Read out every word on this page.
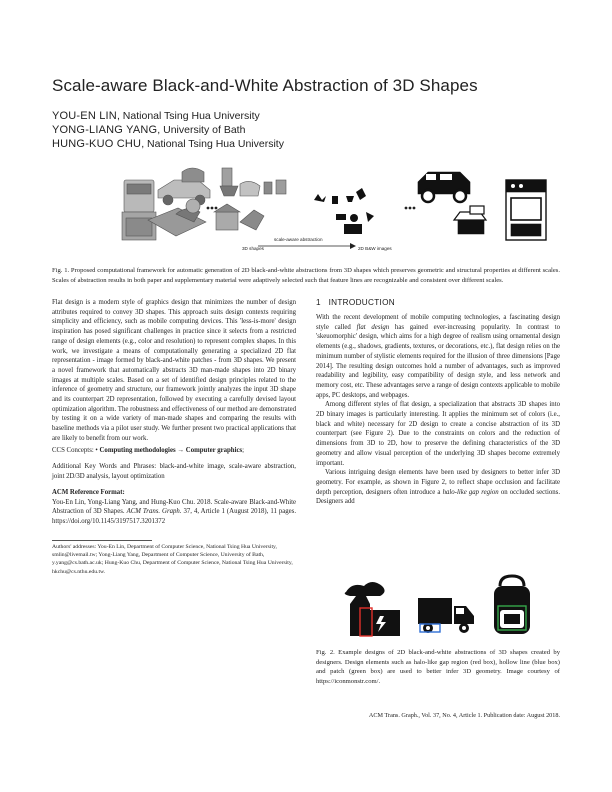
Scale-aware Black-and-White Abstraction of 3D Shapes
YOU-EN LIN, National Tsing Hua University
YONG-LIANG YANG, University of Bath
HUNG-KUO CHU, National Tsing Hua University
3D shapes
scale-aware abstraction
2D B&W images
Fig. 1. Proposed computational framework for automatic generation of 2D black-and-white abstractions from 3D shapes which preserves geometric and structural properties at different scales. Scales of abstraction results in both paper and supplementary material were adaptively selected such that feature lines are recognizable and consistent over different scales.
Flat design is a modern style of graphics design that minimizes the number of design attributes required to convey 3D shapes. This approach suits design contexts requiring simplicity and efficiency, such as mobile computing devices. This 'less-is-more' design inspiration has posed significant challenges in practice since it selects from a restricted range of design elements (e.g., color and resolution) to represent complex shapes. In this work, we investigate a means of computationally generating a specialized 2D flat representation - image formed by black-and-white patches - from 3D shapes. We present a novel framework that automatically abstracts 3D man-made shapes into 2D binary images at multiple scales. Based on a set of identified design principles related to the inference of geometry and structure, our framework jointly analyzes the input 3D shape and its counterpart 2D representation, followed by executing a carefully devised layout optimization algorithm. The robustness and effectiveness of our method are demonstrated by testing it on a wide variety of man-made shapes and comparing the results with baseline methods via a pilot user study. We further present two practical applications that are likely to benefit from our work.
CCS Concepts: • Computing methodologies → Computer graphics;
Additional Key Words and Phrases: black-and-white image, scale-aware abstraction, joint 2D/3D analysis, layout optimization
ACM Reference Format:
You-En Lin, Yong-Liang Yang, and Hung-Kuo Chu. 2018. Scale-aware Black-and-White Abstraction of 3D Shapes. ACM Trans. Graph. 37, 4, Article 1 (August 2018), 11 pages. https://doi.org/10.1145/3197517.3201372
Authors' addresses: You-En Lin, Department of Computer Science, National Tsing Hua University, smlin@livemail.tw; Yong-Liang Yang, Department of Computer Science, University of Bath, y.yang@cs.bath.ac.uk; Hung-Kuo Chu, Department of Computer Science, National Tsing Hua University, hkchu@cs.nthu.edu.tw.
1 INTRODUCTION

With the recent development of mobile computing technologies, a fascinating design style called flat design has gained ever-increasing popularity. In contrast to 'skeuomorphic' design, which aims for a high degree of realism using ornamental design elements (e.g., shadows, gradients, textures, or decorations, etc.), flat design relies on the minimum number of stylistic elements required for the illusion of three dimensions [Page 2014]. The resulting design outcomes hold a number of advantages, such as improved readability and legibility, easy compatibility of design style, and less network and memory cost, etc. These advantages serve a range of design contexts applicable to mobile apps, PC desktops, and webpages.

Among different styles of flat design, a specialization that abstracts 3D shapes into 2D binary images is particularly interesting. It applies the minimum set of colors (i.e., black and white) necessary for 2D design to create a concise abstraction of its 3D counterpart (see Figure 2). Due to the constraints on colors and the reduction of dimensions from 3D to 2D, how to preserve the defining characteristics of the 3D geometry and allow visual perception of the underlying 3D shapes become extremely important.

Various intriguing design elements have been used by designers to better infer 3D geometry. For example, as shown in Figure 2, to reflect shape occlusion and facilitate depth perception, designers often introduce a halo-like gap region on occluded sections. Designers add

Fig. 2. Example designs of 2D black-and-white abstractions of 3D shapes created by designers. Design elements such as halo-like gap region (red box), hollow line (blue box) and patch (green box) are used to better infer 3D geometry. Image courtesy of https://iconmonstr.com/.
ACM Trans. Graph., Vol. 37, No. 4, Article 1. Publication date: August 2018.
